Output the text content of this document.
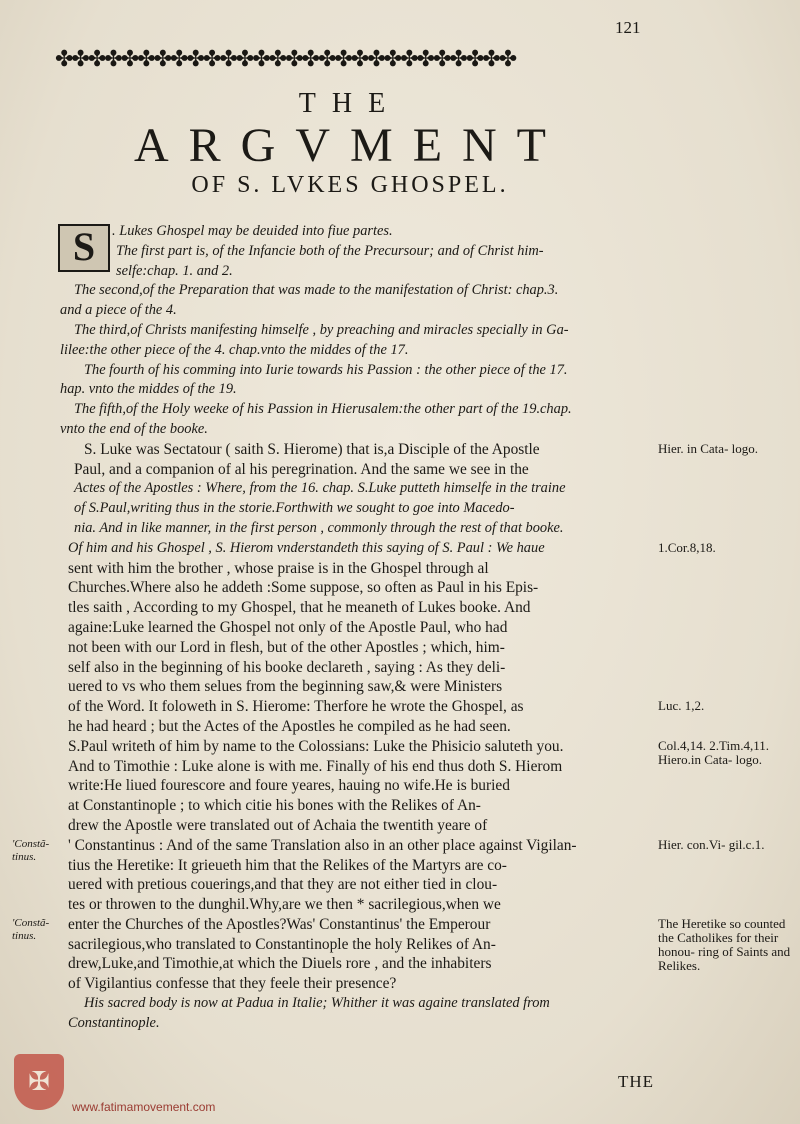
121
✤✤✤✤✤✤✤✤✤✤✤✤✤✤✤✤✤✤✤✤✤✤✤✤✤✤✤✤
THE
ARGVMENT
OF S. LVKES GHOSPEL.
S	. Lukes Ghospel may be deuided into fiue partes.
The first part is, of the Infancie both of the Precursour; and of Christ him-
selfe:chap. 1. and 2.
The second,of the Preparation that was made to the manifestation of Christ: chap.3.
and a piece of the 4.
The third,of Christs manifesting himselfe , by preaching and miracles specially in Ga-
lilee:the other piece of the 4. chap.vnto the middes of the 17.
The fourth of his comming into Iurie towards his Passion : the other piece of the 17.
hap. vnto the middes of the 19.
The fifth,of the Holy weeke of his Passion in Hierusalem:the other part of the 19.chap.
vnto the end of the booke.
S. Luke was Sectatour ( saith S. Hierome) that is,a Disciple of the Apostle
Paul, and a companion of al his peregrination. And the same we see in the
Actes of the Apostles : Where, from the 16. chap. S.Luke putteth himselfe in the traine
of S.Paul,writing thus in the storie.Forthwith we sought to goe into Macedo-
nia. And in like manner, in the first person , commonly through the rest of that booke.
Of him and his Ghospel , S. Hierom vnderstandeth this saying of S. Paul : We haue
sent with him the brother , whose praise is in the Ghospel through al
Churches.Where also he addeth :Some suppose, so often as Paul in his Epis-
tles saith , According to my Ghospel, that he meaneth of Lukes booke. And
againe:Luke learned the Ghospel not only of the Apostle Paul, who had
not been with our Lord in flesh, but of the other Apostles ; which, him-
self also in the beginning of his booke declareth , saying : As they deli-
uered to vs who them selues from the beginning saw,& were Ministers
of the Word. It foloweth in S. Hierome: Therfore he wrote the Ghospel, as
he had heard ; but the Actes of the Apostles he compiled as he had seen.
S.Paul writeth of him by name to the Colossians: Luke the Phisicio saluteth you.
And to Timothie : Luke alone is with me. Finally of his end thus doth S. Hierom
write:He liued fourescore and foure yeares, hauing no wife.He is buried
at Constantinople ; to which citie his bones with the Relikes of An-
drew the Apostle were translated out of Achaia the twentith yeare of
' Constantinus : And of the same Translation also in an other place against Vigilan-
tius the Heretike: It grieueth him that the Relikes of the Martyrs are co-
uered with pretious couerings,and that they are not either tied in clou-
tes or throwen to the dunghil.Why,are we then * sacrilegious,when we
enter the Churches of the Apostles?Was' Constantinus' the Emperour
sacrilegious,who translated to Constantinople the holy Relikes of An-
drew,Luke,and Timothie,at which the Diuels rore , and the inhabiters
of Vigilantius confesse that they feele their presence?
His sacred body is now at Padua in Italie; Whither it was againe translated from
Constantinople.
Hier. in Cata- logo.
1.Cor.8,18.
Luc. 1,2.
Col.4,14. 2.Tim.4,11. Hiero.in Cata- logo.
Hier. con.Vi- gil.c.1.
The Heretike so counted the Catholikes for their honou- ring of Saints and Relikes.
'Constã- tinus.
'Constã- tinus.
THE
✠
www.fatimamovement.com
